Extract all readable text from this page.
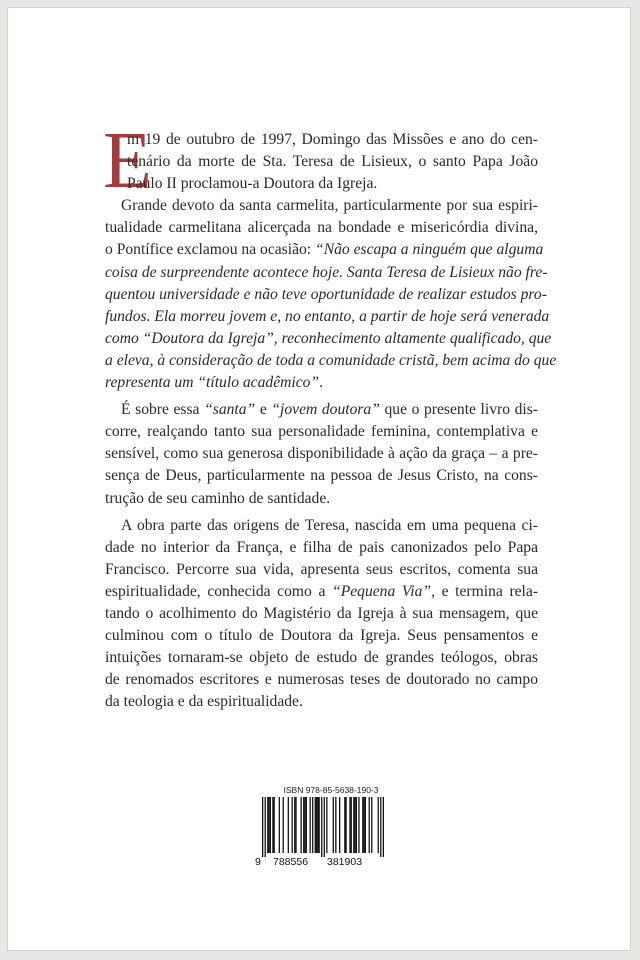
E
m 19 de outubro de 1997, Domingo das Missões e ano do cen-
tenário da morte de Sta. Teresa de Lisieux, o santo Papa João
Paulo II proclamou-a Doutora da Igreja.
Grande devoto da santa carmelita, particularmente por sua espiri-
tualidade carmelitana alicerçada na bondade e misericórdia divina,
o Pontífice exclamou na ocasião: “Não escapa a ninguém que alguma
coisa de surpreendente acontece hoje. Santa Teresa de Lisieux não fre-
quentou universidade e não teve oportunidade de realizar estudos pro-
fundos. Ela morreu jovem e, no entanto, a partir de hoje será venerada
como “Doutora da Igreja”, reconhecimento altamente qualificado, que
a eleva, à consideração de toda a comunidade cristã, bem acima do que
representa um “título acadêmico”.
É sobre essa “santa” e “jovem doutora” que o presente livro dis-
corre, realçando tanto sua personalidade feminina, contemplativa e
sensível, como sua generosa disponibilidade à ação da graça – a pre-
sença de Deus, particularmente na pessoa de Jesus Cristo, na cons-
trução de seu caminho de santidade.
A obra parte das origens de Teresa, nascida em uma pequena ci-
dade no interior da França, e filha de pais canonizados pelo Papa
Francisco. Percorre sua vida, apresenta seus escritos, comenta sua
espiritualidade, conhecida como a “Pequena Via”, e termina rela-
tando o acolhimento do Magistério da Igreja à sua mensagem, que
culminou com o título de Doutora da Igreja. Seus pensamentos e
intuições tornaram-se objeto de estudo de grandes teólogos, obras
de renomados escritores e numerosas teses de doutorado no campo
da teologia e da espiritualidade.
ISBN 978-85-5638-190-3
9 788556 381903
